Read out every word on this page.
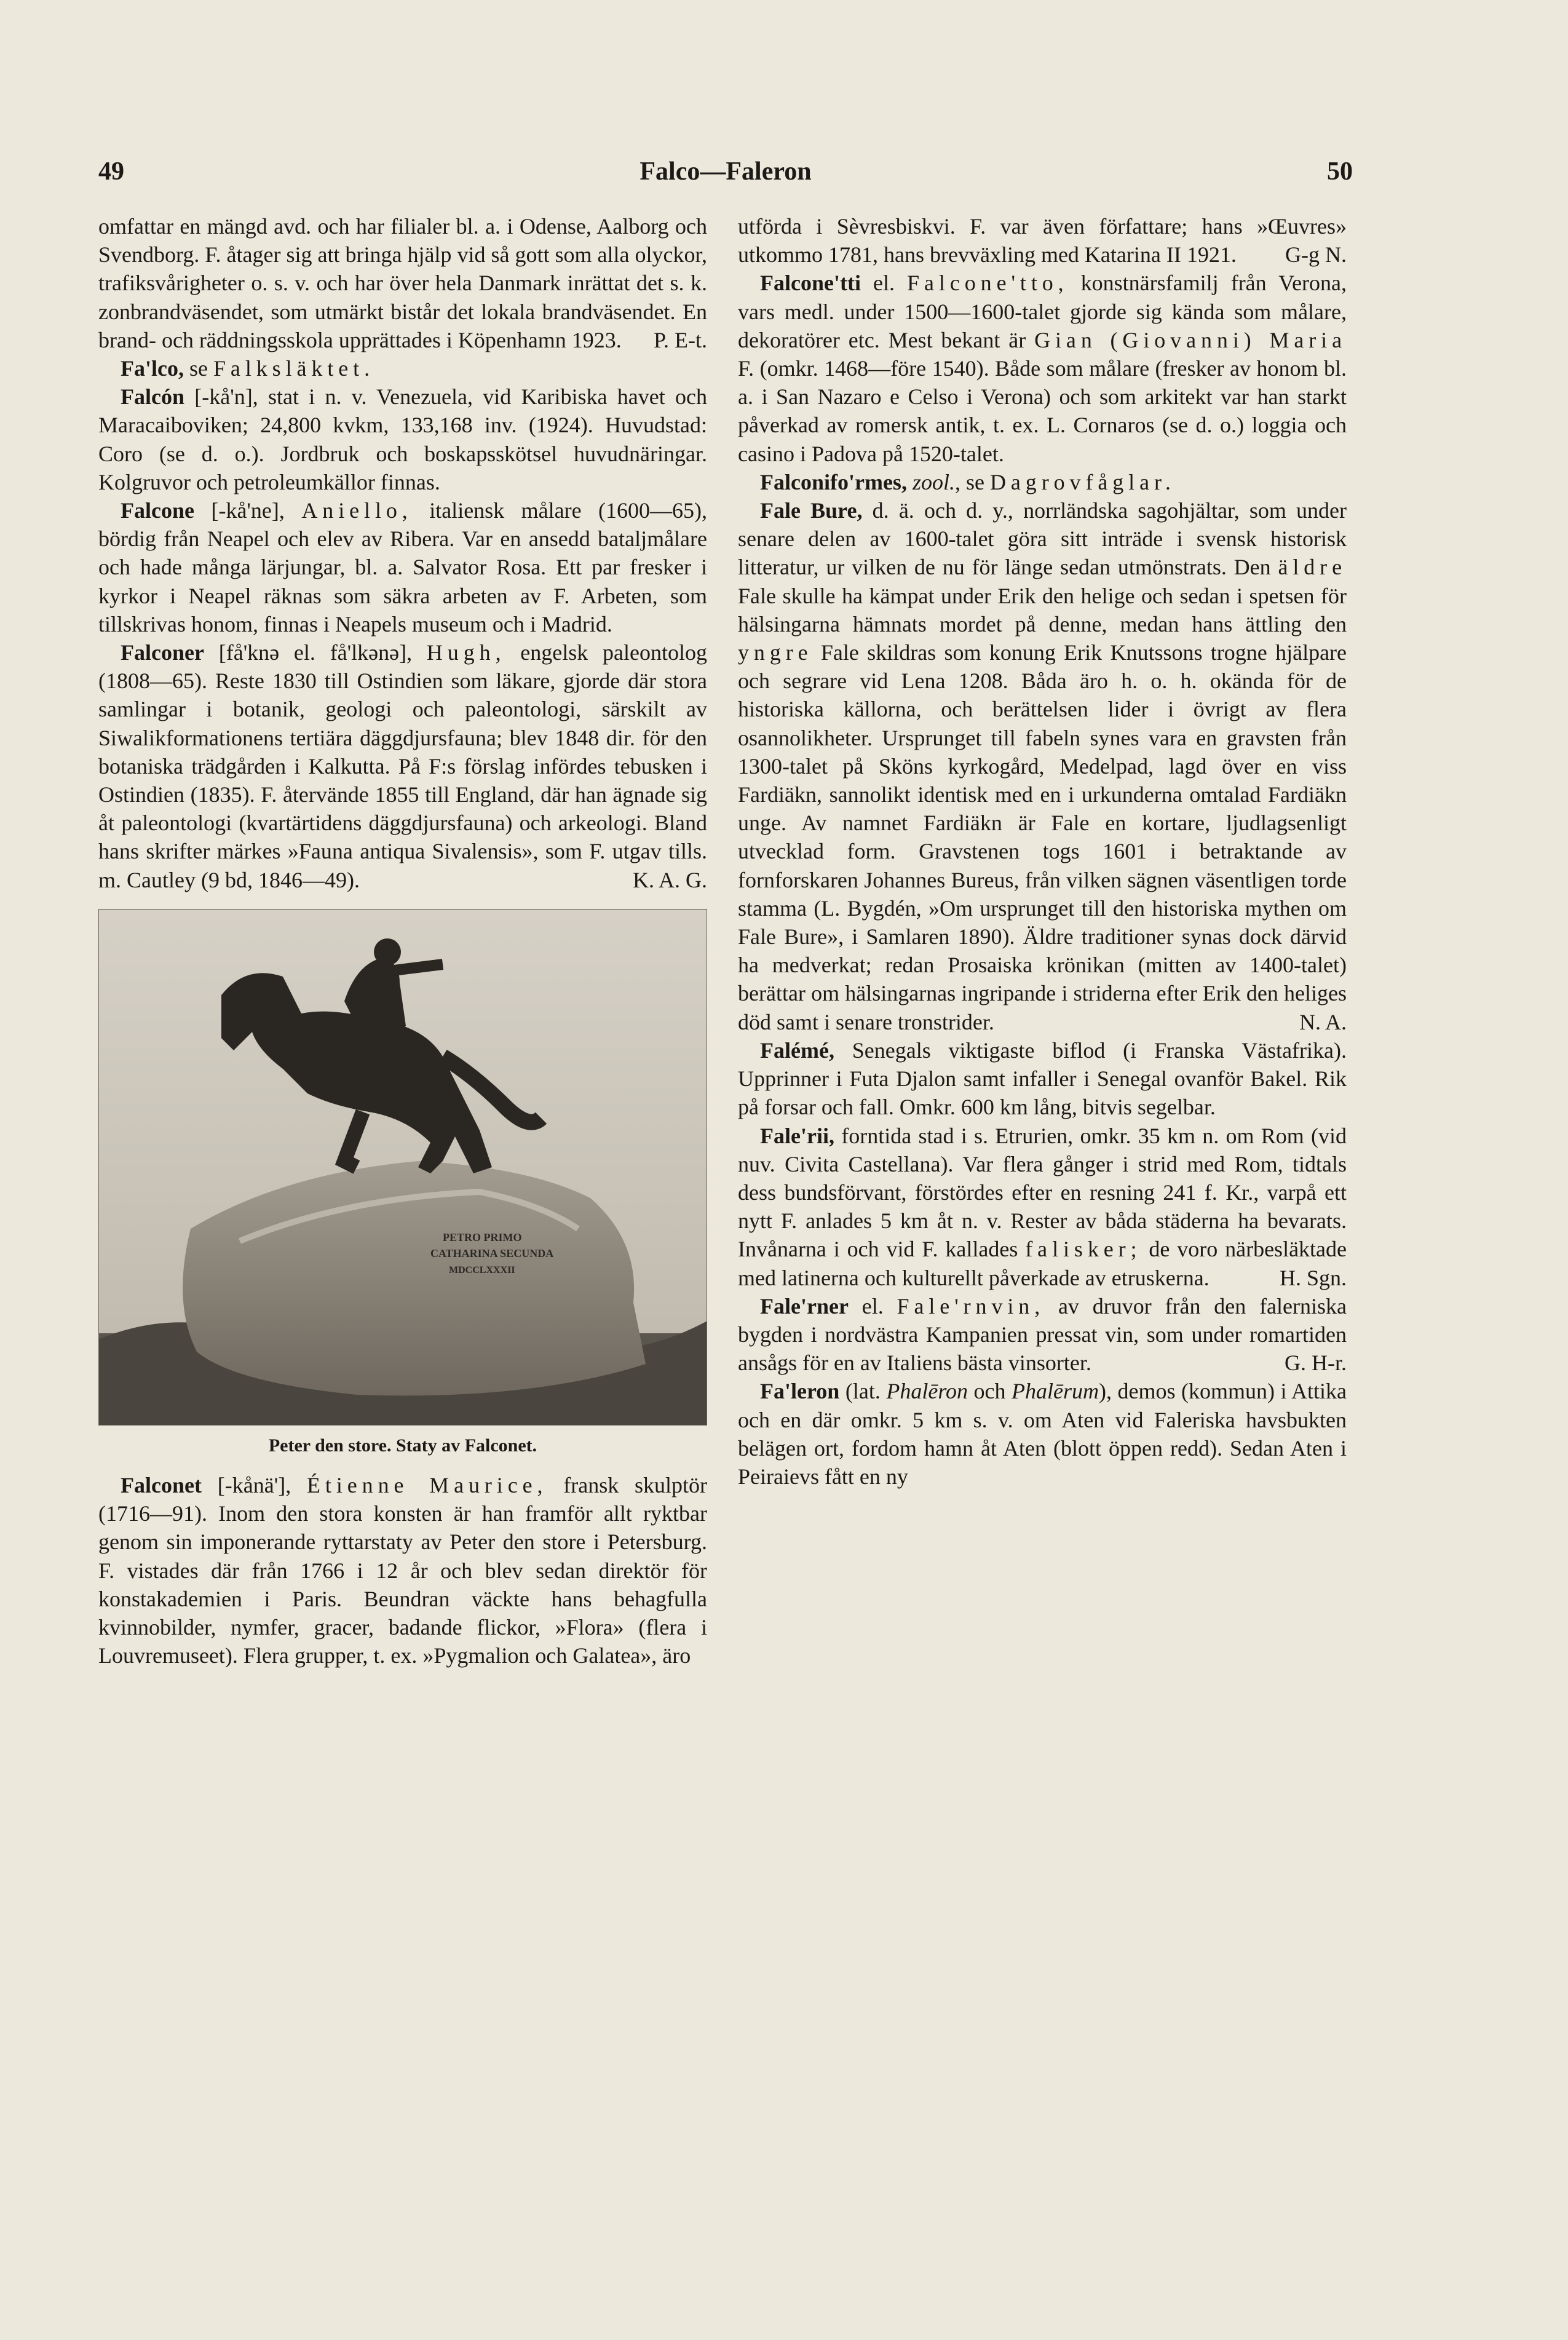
49	Falco—Faleron	50

omfattar en mängd avd. och har filialer bl. a. i Odense, Aalborg och Svendborg. F. åtager sig att bringa hjälp vid så gott som alla olyckor, trafiksvårigheter o. s. v. och har över hela Danmark inrättat det s. k. zonbrandväsendet, som utmärkt bistår det lokala brandväsendet. En brand- och räddningsskola upprättades i Köpenhamn 1923. P. E-t.

Fa'lco, se Falksläktet.

Falcón [-kå'n], stat i n. v. Venezuela, vid Karibiska havet och Maracaiboviken; 24,800 kvkm, 133,168 inv. (1924). Huvudstad: Coro (se d. o.). Jordbruk och boskapsskötsel huvudnäringar. Kolgruvor och petroleumkällor finnas.

Falcone [-kå'ne], Aniello, italiensk målare (1600—65), bördig från Neapel och elev av Ribera. Var en ansedd bataljmålare och hade många lärjungar, bl. a. Salvator Rosa. Ett par fresker i kyrkor i Neapel räknas som säkra arbeten av F. Arbeten, som tillskrivas honom, finnas i Neapels museum och i Madrid.

Falconer [få'knə el. få'lkənə], Hugh, engelsk paleontolog (1808—65). Reste 1830 till Ostindien som läkare, gjorde där stora samlingar i botanik, geologi och paleontologi, särskilt av Siwalikformationens tertiära däggdjursfauna; blev 1848 dir. för den botaniska trädgården i Kalkutta. På F:s förslag infördes tebusken i Ostindien (1835). F. återvände 1855 till England, där han ägnade sig åt paleontologi (kvartärtidens däggdjursfauna) och arkeologi. Bland hans skrifter märkes »Fauna antiqua Sivalensis», som F. utgav tills. m. Cautley (9 bd, 1846—49).	K. A. G.

PETRO PRIMO
CATHARINA SECUNDA
MDCCLXXXII
Peter den store. Staty av Falconet.

Falconet [-kånä'], Étienne Maurice, fransk skulptör (1716—91). Inom den stora konsten är han framför allt ryktbar genom sin imponerande ryttarstaty av Peter den store i Petersburg. F. vistades där från 1766 i 12 år och blev sedan direktör för konstakademien i Paris. Beundran väckte hans behagfulla kvinnobilder, nymfer, gracer, badande flickor, »Flora» (flera i Louvremuseet). Flera grupper, t. ex. »Pygmalion och Galatea», äro

utförda i Sèvresbiskvi. F. var även författare; hans »Œuvres» utkommo 1781, hans brevväxling med Katarina II 1921. G-g N.

Falcone'tti el. Falcone'tto, konstnärsfamilj från Verona, vars medl. under 1500—1600-talet gjorde sig kända som målare, dekoratörer etc. Mest bekant är Gian (Giovanni) Maria F. (omkr. 1468—före 1540). Både som målare (fresker av honom bl. a. i San Nazaro e Celso i Verona) och som arkitekt var han starkt påverkad av romersk antik, t. ex. L. Cornaros (se d. o.) loggia och casino i Padova på 1520-talet.

Falconifo'rmes, zool., se Dagrovfåglar.

Fale Bure, d. ä. och d. y., norrländska sagohjältar, som under senare delen av 1600-talet göra sitt inträde i svensk historisk litteratur, ur vilken de nu för länge sedan utmönstrats. Den äldre Fale skulle ha kämpat under Erik den helige och sedan i spetsen för hälsingarna hämnats mordet på denne, medan hans ättling den yngre Fale skildras som konung Erik Knutssons trogne hjälpare och segrare vid Lena 1208. Båda äro h. o. h. okända för de historiska källorna, och berättelsen lider i övrigt av flera osannolikheter. Ursprunget till fabeln synes vara en gravsten från 1300-talet på Sköns kyrkogård, Medelpad, lagd över en viss Fardiäkn, sannolikt identisk med en i urkunderna omtalad Fardiäkn unge. Av namnet Fardiäkn är Fale en kortare, ljudlagsenligt utvecklad form. Gravstenen togs 1601 i betraktande av fornforskaren Johannes Bureus, från vilken sägnen väsentligen torde stamma (L. Bygdén, »Om ursprunget till den historiska mythen om Fale Bure», i Samlaren 1890). Äldre traditioner synas dock därvid ha medverkat; redan Prosaiska krönikan (mitten av 1400-talet) berättar om hälsingarnas ingripande i striderna efter Erik den heliges död samt i senare tronstrider.	N. A.

Falémé, Senegals viktigaste biflod (i Franska Västafrika). Upprinner i Futa Djalon samt infaller i Senegal ovanför Bakel. Rik på forsar och fall. Omkr. 600 km lång, bitvis segelbar.

Fale'rii, forntida stad i s. Etrurien, omkr. 35 km n. om Rom (vid nuv. Civita Castellana). Var flera gånger i strid med Rom, tidtals dess bundsförvant, förstördes efter en resning 241 f. Kr., varpå ett nytt F. anlades 5 km åt n. v. Rester av båda städerna ha bevarats. Invånarna i och vid F. kallades falisker; de voro närbesläktade med latinerna och kulturellt påverkade av etruskerna.	H. Sgn.

Fale'rner el. Fale'rnvin, av druvor från den falerniska bygden i nordvästra Kampanien pressat vin, som under romartiden ansågs för en av Italiens bästa vinsorter.	G. H-r.

Fa'leron (lat. Phalēron och Phalērum), demos (kommun) i Attika och en där omkr. 5 km s. v. om Aten vid Faleriska havsbukten belägen ort, fordom hamn åt Aten (blott öppen redd). Sedan Aten i Peiraievs fått en ny
